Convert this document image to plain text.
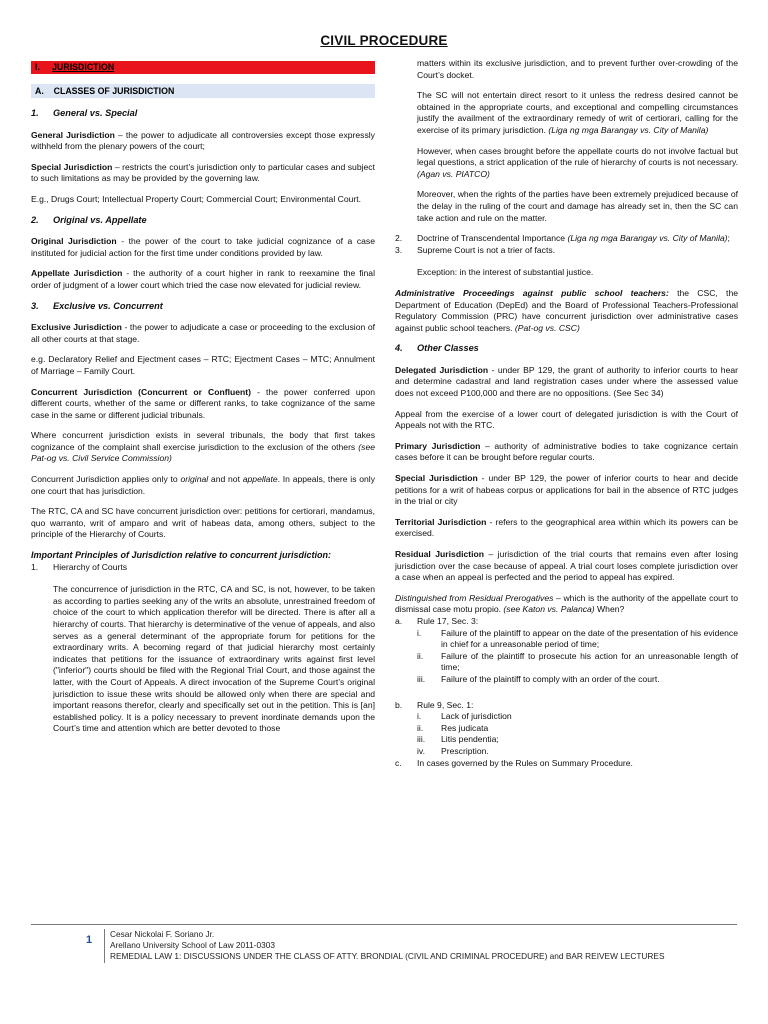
CIVIL PROCEDURE
I. JURISDICTION
A. CLASSES OF JURISDICTION
1.	General vs. Special

General Jurisdiction – the power to adjudicate all controversies except those expressly withheld from the plenary powers of the court;

Special Jurisdiction – restricts the court’s jurisdiction only to particular cases and subject to such limitations as may be provided by the governing law.

E.g., Drugs Court; Intellectual Property Court; Commercial Court; Environmental Court.

2.	Original vs. Appellate

Original Jurisdiction - the power of the court to take judicial cognizance of a case instituted for judicial action for the first time under conditions provided by law.

Appellate Jurisdiction - the authority of a court higher in rank to reexamine the final order of judgment of a lower court which tried the case now elevated for judicial review.

3.	Exclusive vs. Concurrent

Exclusive Jurisdiction - the power to adjudicate a case or proceeding to the exclusion of all other courts at that stage.

e.g. Declaratory Relief and Ejectment cases – RTC; Ejectment Cases – MTC; Annulment of Marriage – Family Court.

Concurrent Jurisdiction (Concurrent or Confluent) - the power conferred upon different courts, whether of the same or different ranks, to take cognizance of the same case in the same or different judicial tribunals.

Where concurrent jurisdiction exists in several tribunals, the body that first takes cognizance of the complaint shall exercise jurisdiction to the exclusion of the others (see Pat-og vs. Civil Service Commission)

Concurrent Jurisdiction applies only to original and not appellate. In appeals, there is only one court that has jurisdiction.

The RTC, CA and SC have concurrent jurisdiction over: petitions for certiorari, mandamus, quo warranto, writ of amparo and writ of habeas data, among others, subject to the principle of the Hierarchy of Courts.

Important Principles of Jurisdiction relative to concurrent jurisdiction:

1.	Hierarchy of Courts

The concurrence of jurisdiction in the RTC, CA and SC, is not, however, to be taken as according to parties seeking any of the writs an absolute, unrestrained freedom of choice of the court to which application therefor will be directed. There is after all a hierarchy of courts. That hierarchy is determinative of the venue of appeals, and also serves as a general determinant of the appropriate forum for petitions for the extraordinary writs. A becoming regard of that judicial hierarchy most certainly indicates that petitions for the issuance of extraordinary writs against first level ("inferior") courts should be filed with the Regional Trial Court, and those against the latter, with the Court of Appeals. A direct invocation of the Supreme Court’s original jurisdiction to issue these writs should be allowed only when there are special and important reasons therefor, clearly and specifically set out in the petition. This is [an] established policy. It is a policy necessary to prevent inordinate demands upon the Court’s time and attention which are better devoted to those

matters within its exclusive jurisdiction, and to prevent further over-crowding of the Court’s docket.

The SC will not entertain direct resort to it unless the redress desired cannot be obtained in the appropriate courts, and exceptional and compelling circumstances justify the availment of the extraordinary remedy of writ of certiorari, calling for the exercise of its primary jurisdiction. (Liga ng mga Barangay vs. City of Manila)

However, when cases brought before the appellate courts do not involve factual but legal questions, a strict application of the rule of hierarchy of courts is not necessary. (Agan vs. PIATCO)

Moreover, when the rights of the parties have been extremely prejudiced because of the delay in the ruling of the court and damage has already set in, then the SC can take action and rule on the matter.

2.	Doctrine of Transcendental Importance (Liga ng mga Barangay vs. City of Manila);
3.	Supreme Court is not a trier of facts.

Exception: in the interest of substantial justice.

Administrative Proceedings against public school teachers: the CSC, the Department of Education (DepEd) and the Board of Professional Teachers-Professional Regulatory Commission (PRC) have concurrent jurisdiction over administrative cases against public school teachers. (Pat-og vs. CSC)

4.	Other Classes

Delegated Jurisdiction - under BP 129, the grant of authority to inferior courts to hear and determine cadastral and land registration cases under where the assessed value does not exceed P100,000 and there are no oppositions. (See Sec 34)

Appeal from the exercise of a lower court of delegated jurisdiction is with the Court of Appeals not with the RTC.

Primary Jurisdiction – authority of administrative bodies to take cognizance certain cases before it can be brought before regular courts.

Special Jurisdiction - under BP 129, the power of inferior courts to hear and decide petitions for a writ of habeas corpus or applications for bail in the absence of RTC judges in the trial or city

Territorial Jurisdiction - refers to the geographical area within which its powers can be exercised.

Residual Jurisdiction – jurisdiction of the trial courts that remains even after losing jurisdiction over the case because of appeal. A trial court loses complete jurisdiction over a case when an appeal is perfected and the period to appeal has expired.

Distinguished from Residual Prerogatives – which is the authority of the appellate court to dismissal case motu propio. (see Katon vs. Palanca) When?

a.	Rule 17, Sec. 3:
i.	Failure of the plaintiff to appear on the date of the presentation of his evidence in chief for a unreasonable period of time;
ii.	Failure of the plaintiff to prosecute his action for an unreasonable length of time;
iii.	Failure of the plaintiff to comply with an order of the court.
b.	Rule 9, Sec. 1:
i.	Lack of jurisdiction
ii.	Res judicata
iii.	Litis pendentia;
iv.	Prescription.
c.	In cases governed by the Rules on Summary Procedure.
1 Cesar Nickolai F. Soriano Jr.
Arellano University School of Law 2011-0303
REMEDIAL LAW 1: DISCUSSIONS UNDER THE CLASS OF ATTY. BRONDIAL (CIVIL AND CRIMINAL PROCEDURE) and BAR REIVEW LECTURES
